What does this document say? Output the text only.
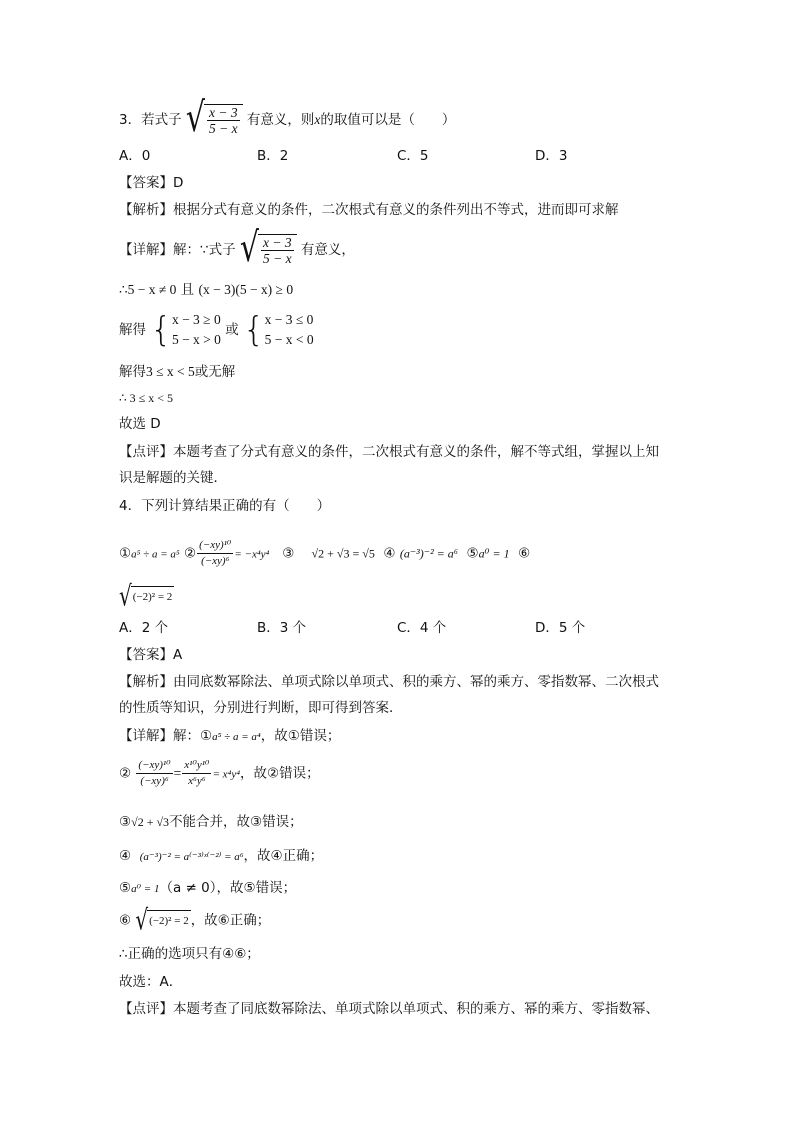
3．若式子 √ $\frac{x - 3}{5 - x}$ 有意义，则x的取值可以是（　　）
A．0	B．2	C．5	D．3
【答案】D
【解析】根据分式有意义的条件，二次根式有意义的条件列出不等式，进而即可求解
【详解】解：∵式子 √ $\frac{x - 3}{5 - x}$ 有意义，
∴5 − x ≠ 0 且 (x − 3)(5 − x) ≥ 0
解得 { x − 3 ≥ 0
5 − x > 0
或 { x − 3 ≤ 0
5 − x < 0
解得3 ≤ x < 5或无解
∴ 3 ≤ x < 5
故选 D
【点评】本题考查了分式有意义的条件，二次根式有意义的条件，解不等式组，掌握以上知
识是解题的关键．
4．下列计算结果正确的有（　　）
①a⁵ ÷ a = a⁵ ② $\frac{\text{(−xy)¹⁰}}{\text{(−xy)⁶}} = -x^4y^4$ ③ √2 + √3 = √5 ④ (a⁻³)⁻² = a⁶ ⑤a⁰ = 1 ⑥
√ (−2)² = 2
A．2 个	B．3 个	C．4 个	D．5 个
【答案】A
【解析】由同底数幂除法、单项式除以单项式、积的乘方、幂的乘方、零指数幂、二次根式
的性质等知识，分别进行判断，即可得到答案．
【详解】解：①a⁵ ÷ a = a⁴，故①错误；
② $\frac{\text{(−xy)¹⁰}}{\text{(−xy)⁶}} = \frac{\text{x¹⁰y¹⁰}}{\text{x⁶y⁶}} = x^4y^4$，故②错误；
③√2 + √3不能合并，故③错误；
④ (a⁻³)⁻² = a⁽⁻³⁾ˣ⁽⁻²⁾ = a⁶，故④正确；
⑤a⁰ = 1（a ≠ 0），故⑤错误；
⑥ √ (−2)² = 2 ，故⑥正确；
∴正确的选项只有④⑥；
故选：A．
【点评】本题考查了同底数幂除法、单项式除以单项式、积的乘方、幂的乘方、零指数幂、
